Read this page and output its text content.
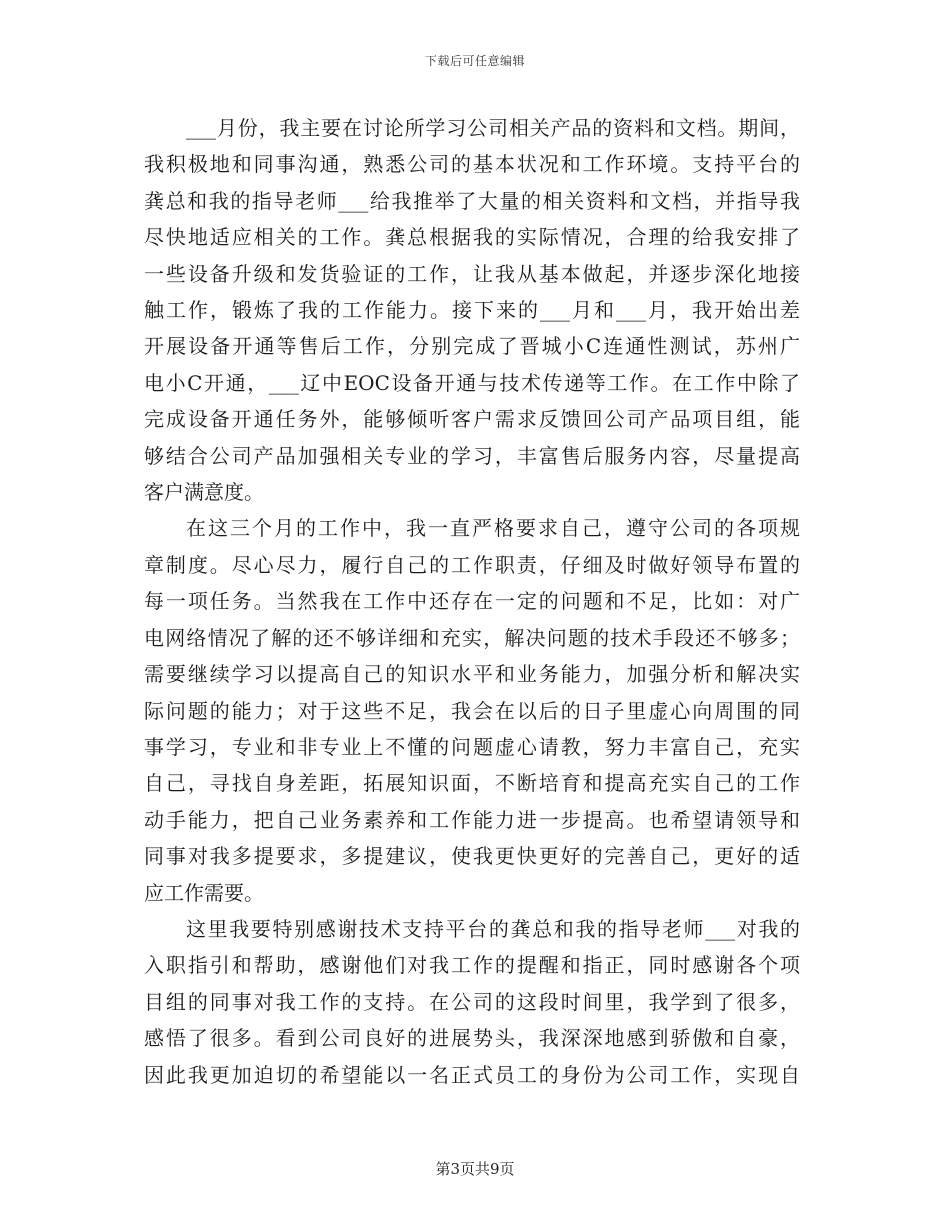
下载后可任意编辑
___月份，我主要在讨论所学习公司相关产品的资料和文档。期间，
我积极地和同事沟通，熟悉公司的基本状况和工作环境。支持平台的
龚总和我的指导老师___给我推举了大量的相关资料和文档，并指导我
尽快地适应相关的工作。龚总根据我的实际情况，合理的给我安排了
一些设备升级和发货验证的工作，让我从基本做起，并逐步深化地接
触工作，锻炼了我的工作能力。接下来的___月和___月，我开始出差
开展设备开通等售后工作，分别完成了晋城小C连通性测试，苏州广
电小C开通，___辽中EOC设备开通与技术传递等工作。在工作中除了
完成设备开通任务外，能够倾听客户需求反馈回公司产品项目组，能
够结合公司产品加强相关专业的学习，丰富售后服务内容，尽量提高
客户满意度。
在这三个月的工作中，我一直严格要求自己，遵守公司的各项规
章制度。尽心尽力，履行自己的工作职责，仔细及时做好领导布置的
每一项任务。当然我在工作中还存在一定的问题和不足，比如：对广
电网络情况了解的还不够详细和充实，解决问题的技术手段还不够多；
需要继续学习以提高自己的知识水平和业务能力，加强分析和解决实
际问题的能力；对于这些不足，我会在以后的日子里虚心向周围的同
事学习，专业和非专业上不懂的问题虚心请教，努力丰富自己，充实
自己，寻找自身差距，拓展知识面，不断培育和提高充实自己的工作
动手能力，把自己业务素养和工作能力进一步提高。也希望请领导和
同事对我多提要求，多提建议，使我更快更好的完善自己，更好的适
应工作需要。
这里我要特别感谢技术支持平台的龚总和我的指导老师___对我的
入职指引和帮助，感谢他们对我工作的提醒和指正，同时感谢各个项
目组的同事对我工作的支持。在公司的这段时间里，我学到了很多，
感悟了很多。看到公司良好的进展势头，我深深地感到骄傲和自豪，
因此我更加迫切的希望能以一名正式员工的身份为公司工作，实现自
第3页共9页
